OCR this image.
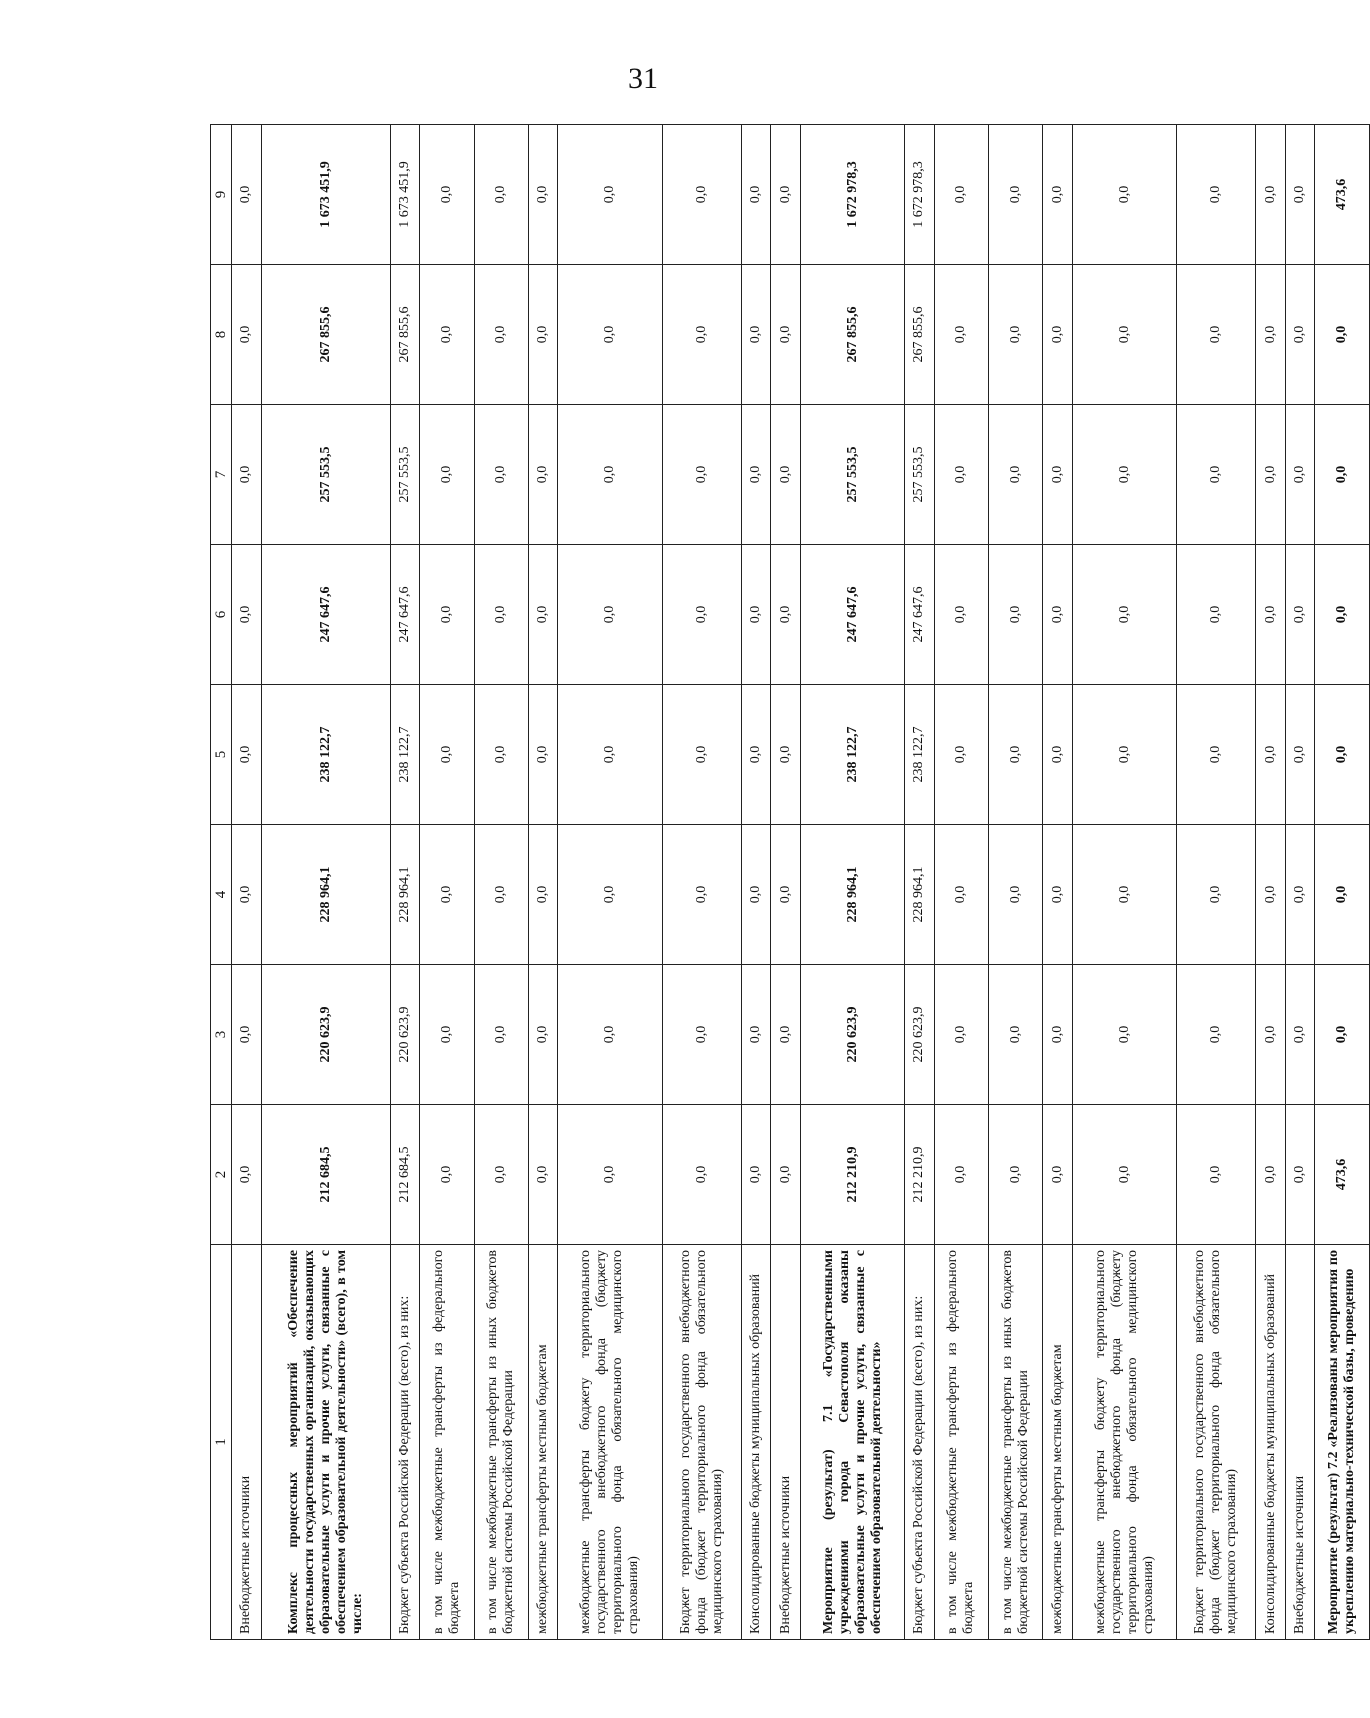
31
1	2	3	4	5	6	7	8	9
Внебюджетные источники	0,0	0,0	0,0	0,0	0,0	0,0	0,0	0,0
Комплекс процессных мероприятий «Обеспечение деятельности государственных организаций, оказывающих образовательные услуги и прочие услуги, связанные с обеспечением образовательной деятельности» (всего), в том числе:	212 684,5	220 623,9	228 964,1	238 122,7	247 647,6	257 553,5	267 855,6	1 673 451,9
Бюджет субъекта Российской Федерации (всего), из них:	212 684,5	220 623,9	228 964,1	238 122,7	247 647,6	257 553,5	267 855,6	1 673 451,9
в том числе межбюджетные трансферты из федерального бюджета	0,0	0,0	0,0	0,0	0,0	0,0	0,0	0,0
в том числе межбюджетные трансферты из иных бюджетов бюджетной системы Российской Федерации	0,0	0,0	0,0	0,0	0,0	0,0	0,0	0,0
межбюджетные трансферты местным бюджетам	0,0	0,0	0,0	0,0	0,0	0,0	0,0	0,0
межбюджетные трансферты бюджету территориального государственного внебюджетного фонда (бюджету территориального фонда обязательного медицинского страхования)	0,0	0,0	0,0	0,0	0,0	0,0	0,0	0,0
Бюджет территориального государственного внебюджетного фонда (бюджет территориального фонда обязательного медицинского страхования)	0,0	0,0	0,0	0,0	0,0	0,0	0,0	0,0
Консолидированные бюджеты муниципальных образований	0,0	0,0	0,0	0,0	0,0	0,0	0,0	0,0
Внебюджетные источники	0,0	0,0	0,0	0,0	0,0	0,0	0,0	0,0
Мероприятие (результат) 7.1 «Государственными учреждениями города Севастополя оказаны образовательные услуги и прочие услуги, связанные с обеспечением образовательной деятельности»	212 210,9	220 623,9	228 964,1	238 122,7	247 647,6	257 553,5	267 855,6	1 672 978,3
Бюджет субъекта Российской Федерации (всего), из них:	212 210,9	220 623,9	228 964,1	238 122,7	247 647,6	257 553,5	267 855,6	1 672 978,3
в том числе межбюджетные трансферты из федерального бюджета	0,0	0,0	0,0	0,0	0,0	0,0	0,0	0,0
в том числе межбюджетные трансферты из иных бюджетов бюджетной системы Российской Федерации	0,0	0,0	0,0	0,0	0,0	0,0	0,0	0,0
межбюджетные трансферты местным бюджетам	0,0	0,0	0,0	0,0	0,0	0,0	0,0	0,0
межбюджетные трансферты бюджету территориального государственного внебюджетного фонда (бюджету территориального фонда обязательного медицинского страхования)	0,0	0,0	0,0	0,0	0,0	0,0	0,0	0,0
Бюджет территориального государственного внебюджетного фонда (бюджет территориального фонда обязательного медицинского страхования)	0,0	0,0	0,0	0,0	0,0	0,0	0,0	0,0
Консолидированные бюджеты муниципальных образований	0,0	0,0	0,0	0,0	0,0	0,0	0,0	0,0
Внебюджетные источники	0,0	0,0	0,0	0,0	0,0	0,0	0,0	0,0
Мероприятие (результат) 7.2 «Реализованы мероприятия по укреплению материально-технической базы, проведению	473,6	0,0	0,0	0,0	0,0	0,0	0,0	473,6
